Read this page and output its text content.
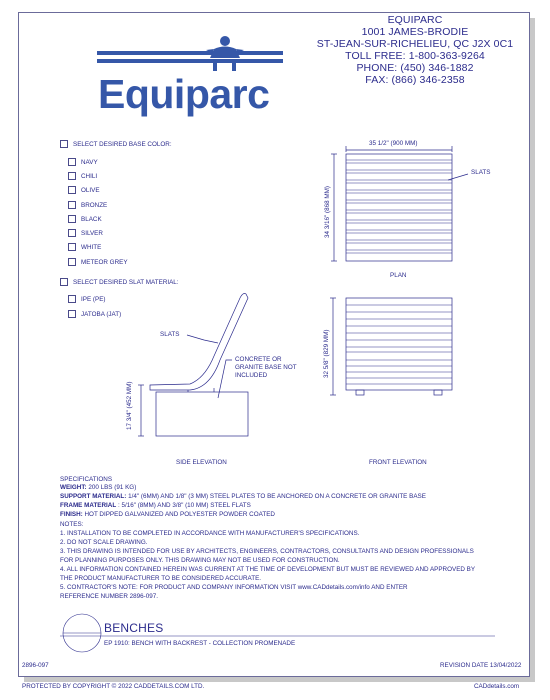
EQUIPARC
1001 JAMES-BRODIE
ST-JEAN-SUR-RICHELIEU, QC J2X 0C1
TOLL FREE: 1-800-363-9264
PHONE: (450) 346-1882
FAX: (866) 346-2358
Equiparc
SELECT DESIRED BASE COLOR:
NAVY
CHILI
OLIVE
BRONZE
BLACK
SILVER
WHITE
METEOR GREY
SELECT DESIRED SLAT MATERIAL:
IPE (PE)
JATOBA (JAT)
35 1/2" (900 MM)
SLATS
34 3/16" (868 MM)
PLAN
SLATS
CONCRETE OR
GRANITE BASE NOT
INCLUDED
17 3/4" (452 MM)
SIDE ELEVATION
32 5/8" (829 MM)
FRONT ELEVATION
SPECIFICATIONS
WEIGHT: 200 LBS (91 KG)
SUPPORT MATERIAL: 1/4" (6MM) AND 1/8" (3 MM) STEEL PLATES TO BE ANCHORED ON A CONCRETE OR GRANITE BASE
FRAME MATERIAL : 5/16" (8MM) AND 3/8" (10 MM) STEEL FLATS
FINISH: HOT DIPPED GALVANIZED AND POLYESTER POWDER COATED
NOTES:
1. INSTALLATION TO BE COMPLETED IN ACCORDANCE WITH MANUFACTURER'S SPECIFICATIONS.
2. DO NOT SCALE DRAWING.
3. THIS DRAWING IS INTENDED FOR USE BY ARCHITECTS, ENGINEERS, CONTRACTORS, CONSULTANTS AND DESIGN PROFESSIONALS
FOR PLANNING PURPOSES ONLY. THIS DRAWING MAY NOT BE USED FOR CONSTRUCTION.
4. ALL INFORMATION CONTAINED HEREIN WAS CURRENT AT THE TIME OF DEVELOPMENT BUT MUST BE REVIEWED AND APPROVED BY
THE PRODUCT MANUFACTURER TO BE CONSIDERED ACCURATE.
5. CONTRACTOR'S NOTE: FOR PRODUCT AND COMPANY INFORMATION VISIT www.CADdetails.com/info AND ENTER
REFERENCE NUMBER 2896-097.
BENCHES
EP 1910: BENCH WITH BACKREST - COLLECTION PROMENADE
2896-097	REVISION DATE 13/04/2022
PROTECTED BY COPYRIGHT © 2022 CADDETAILS.COM LTD.	CADdetails.com
